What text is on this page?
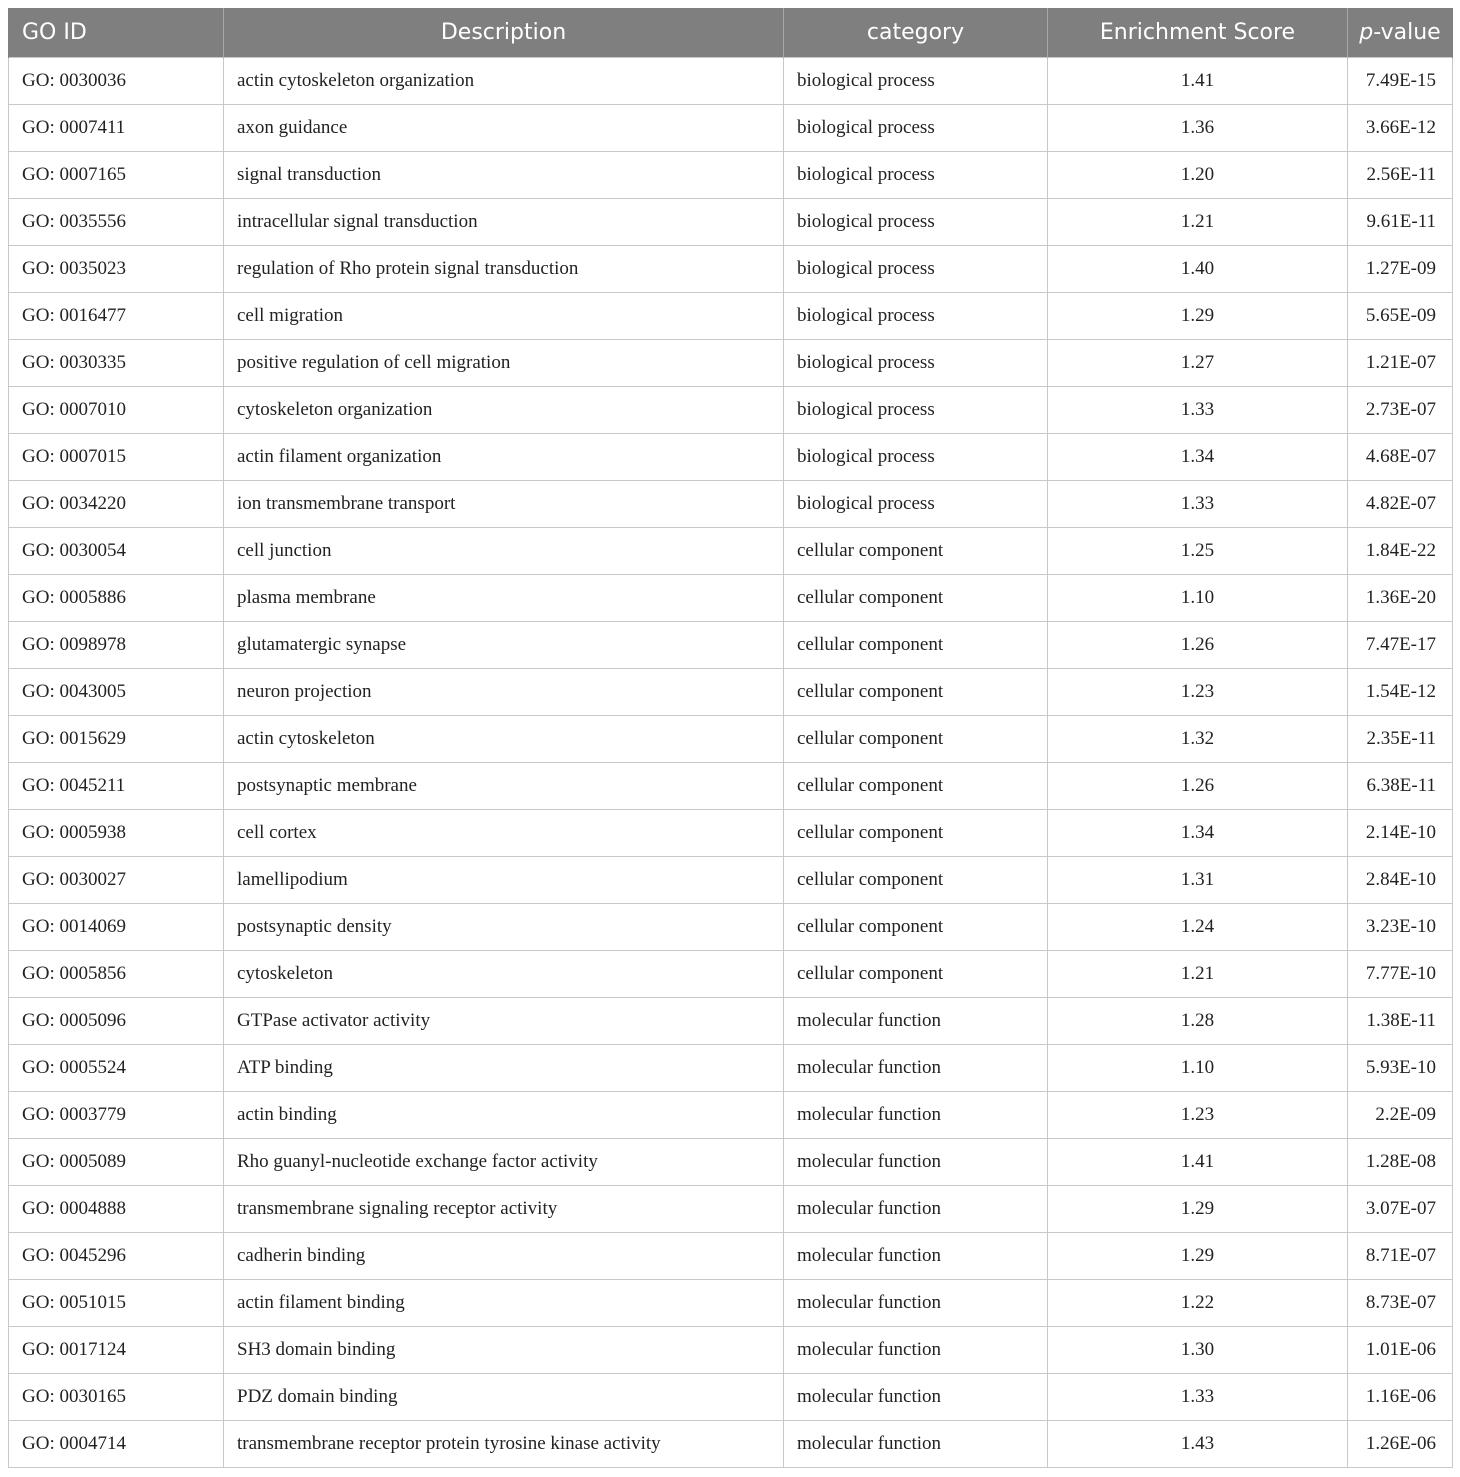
GO ID	Description	category	Enrichment Score	p-value
GO: 0030036	actin cytoskeleton organization	biological process	1.41	7.49E-15
GO: 0007411	axon guidance	biological process	1.36	3.66E-12
GO: 0007165	signal transduction	biological process	1.20	2.56E-11
GO: 0035556	intracellular signal transduction	biological process	1.21	9.61E-11
GO: 0035023	regulation of Rho protein signal transduction	biological process	1.40	1.27E-09
GO: 0016477	cell migration	biological process	1.29	5.65E-09
GO: 0030335	positive regulation of cell migration	biological process	1.27	1.21E-07
GO: 0007010	cytoskeleton organization	biological process	1.33	2.73E-07
GO: 0007015	actin filament organization	biological process	1.34	4.68E-07
GO: 0034220	ion transmembrane transport	biological process	1.33	4.82E-07
GO: 0030054	cell junction	cellular component	1.25	1.84E-22
GO: 0005886	plasma membrane	cellular component	1.10	1.36E-20
GO: 0098978	glutamatergic synapse	cellular component	1.26	7.47E-17
GO: 0043005	neuron projection	cellular component	1.23	1.54E-12
GO: 0015629	actin cytoskeleton	cellular component	1.32	2.35E-11
GO: 0045211	postsynaptic membrane	cellular component	1.26	6.38E-11
GO: 0005938	cell cortex	cellular component	1.34	2.14E-10
GO: 0030027	lamellipodium	cellular component	1.31	2.84E-10
GO: 0014069	postsynaptic density	cellular component	1.24	3.23E-10
GO: 0005856	cytoskeleton	cellular component	1.21	7.77E-10
GO: 0005096	GTPase activator activity	molecular function	1.28	1.38E-11
GO: 0005524	ATP binding	molecular function	1.10	5.93E-10
GO: 0003779	actin binding	molecular function	1.23	2.2E-09
GO: 0005089	Rho guanyl-nucleotide exchange factor activity	molecular function	1.41	1.28E-08
GO: 0004888	transmembrane signaling receptor activity	molecular function	1.29	3.07E-07
GO: 0045296	cadherin binding	molecular function	1.29	8.71E-07
GO: 0051015	actin filament binding	molecular function	1.22	8.73E-07
GO: 0017124	SH3 domain binding	molecular function	1.30	1.01E-06
GO: 0030165	PDZ domain binding	molecular function	1.33	1.16E-06
GO: 0004714	transmembrane receptor protein tyrosine kinase activity	molecular function	1.43	1.26E-06
